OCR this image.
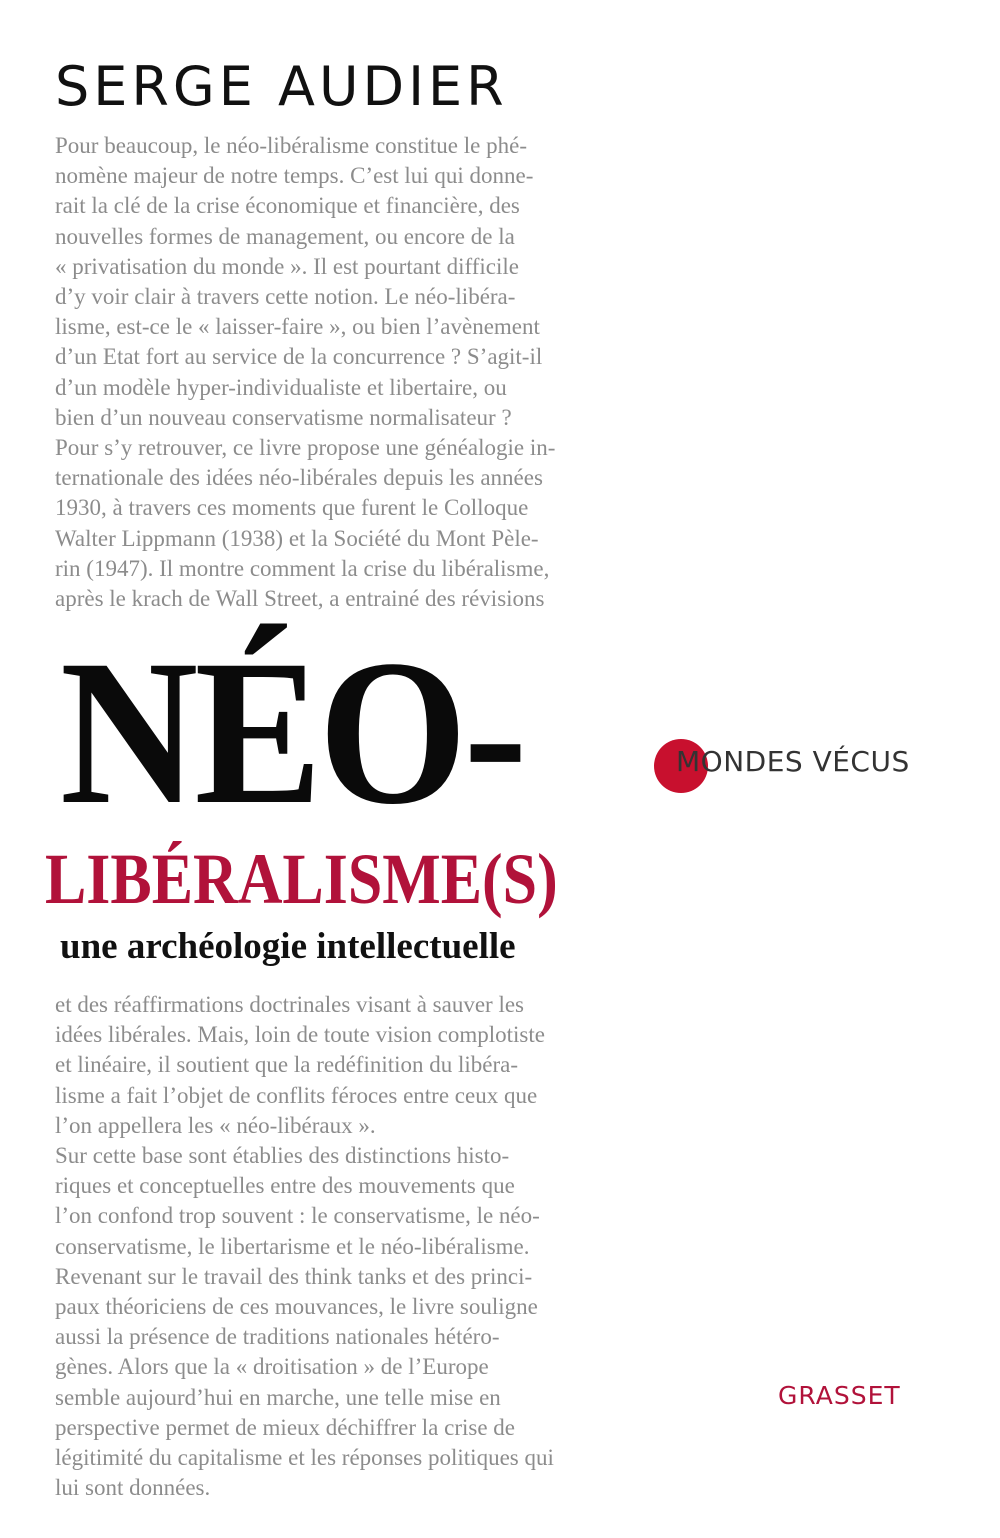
SERGE AUDIER
Pour beaucoup, le néo-libéralisme constitue le phé-
nomène majeur de notre temps. C’est lui qui donne-
rait la clé de la crise économique et financière, des
nouvelles formes de management, ou encore de la
« privatisation du monde ». Il est pourtant difficile
d’y voir clair à travers cette notion. Le néo-libéra-
lisme, est-ce le « laisser-faire », ou bien l’avènement
d’un Etat fort au service de la concurrence ? S’agit-il
d’un modèle hyper-individualiste et libertaire, ou
bien d’un nouveau conservatisme normalisateur ?
Pour s’y retrouver, ce livre propose une généalogie in-
ternationale des idées néo-libérales depuis les années
1930, à travers ces moments que furent le Colloque
Walter Lippmann (1938) et la Société du Mont Pèle-
rin (1947). Il montre comment la crise du libéralisme,
après le krach de Wall Street, a entrainé des révisions
NÉO-
LIBÉRALISME(S)
une archéologie intellectuelle
MONDES VÉCUS
et des réaffirmations doctrinales visant à sauver les
idées libérales. Mais, loin de toute vision complotiste
et linéaire, il soutient que la redéfinition du libéra-
lisme a fait l’objet de conflits féroces entre ceux que
l’on appellera les « néo-libéraux ».
Sur cette base sont établies des distinctions histo-
riques et conceptuelles entre des mouvements que
l’on confond trop souvent : le conservatisme, le néo-
conservatisme, le libertarisme et le néo-libéralisme.
Revenant sur le travail des think tanks et des princi-
paux théoriciens de ces mouvances, le livre souligne
aussi la présence de traditions nationales hétéro-
gènes. Alors que la « droitisation » de l’Europe
semble aujourd’hui en marche, une telle mise en
perspective permet de mieux déchiffrer la crise de
légitimité du capitalisme et les réponses politiques qui
lui sont données.
GRASSET
